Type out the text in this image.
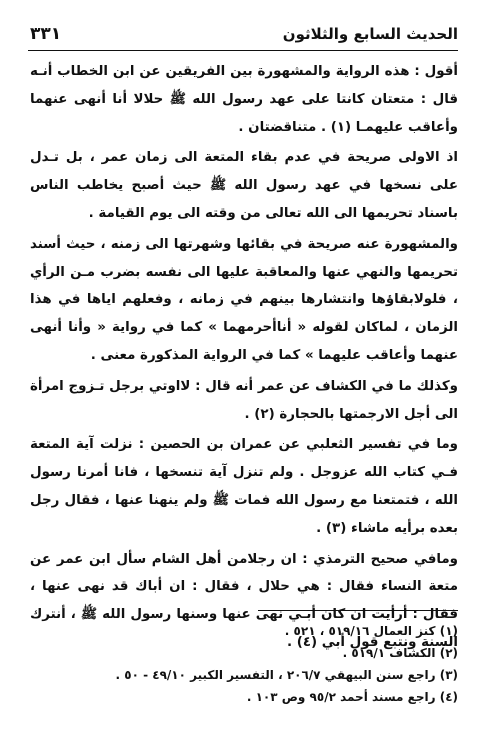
الحديث السابع والثلاثون
٣٣١

أقول : هذه الرواية والمشهورة بين الفريقين عن ابن الخطاب أنـه قال : متعتان كانتا على عهد رسول الله ﷺ حلالا أنا أنهى عنهما وأعاقب عليهمـا (١) . متناقضتان .

اذ الاولى صريحة في عدم بقاء المتعة الى زمان عمر ، بل تـدل على نسخها في عهد رسول الله ﷺ حيث أصبح يخاطب الناس باسناد تحريمها الى الله تعالى من وقته الى يوم القيامة .

والمشهورة عنه صريحة في بقائها وشهرتها الى زمنه ، حيث أسند تحريمها والنهي عنها والمعاقبة عليها الى نفسه بضرب مـن الرأي ، فلولابقاؤها وانتشارها بينهم في زمانه ، وفعلهم اياها في هذا الزمان ، لماكان لقوله « أناأحرمهما » كما في رواية « وأنا أنهى عنهما وأعاقب عليهما » كما في الرواية المذكورة معنى .

وكذلك ما في الكشاف عن عمر أنه قال : لااوتي برجل تـزوج امرأة الى أجل الارجمتها بالحجارة (٢) .

وما في تفسير الثعلبي عن عمران بن الحصين : نزلت آية المتعة فـي كتاب الله عزوجل . ولم تنزل آية تنسخها ، فانا أمرنا رسول الله ، فتمتعنا مع رسول الله فمات ﷺ ولم ينهنا عنها ، فقال رجل بعده برأيه ماشاء (٣) .

ومافي صحيح الترمذي : ان رجلامن أهل الشام سأل ابن عمر عن متعة النساء فقال : هي حلال ، فقال : ان أباك قد نهى عنها ، فقال : أرأيت ان كان أبـي نهى عنها وسنها رسول الله ﷺ ، أنترك السنة ونتبع قول أبي (٤) .

(١) كنز العمال ٥١٩/١٦ ، ٥٢١ .

(٢) الكشاف ٥١٩/١ .

(٣) راجع سنن البيهقي ٢٠٦/٧ ، التفسير الكبير ٤٩/١٠ - ٥٠ .

(٤) راجع مسند أحمد ٩٥/٢ وص ١٠٣ .
